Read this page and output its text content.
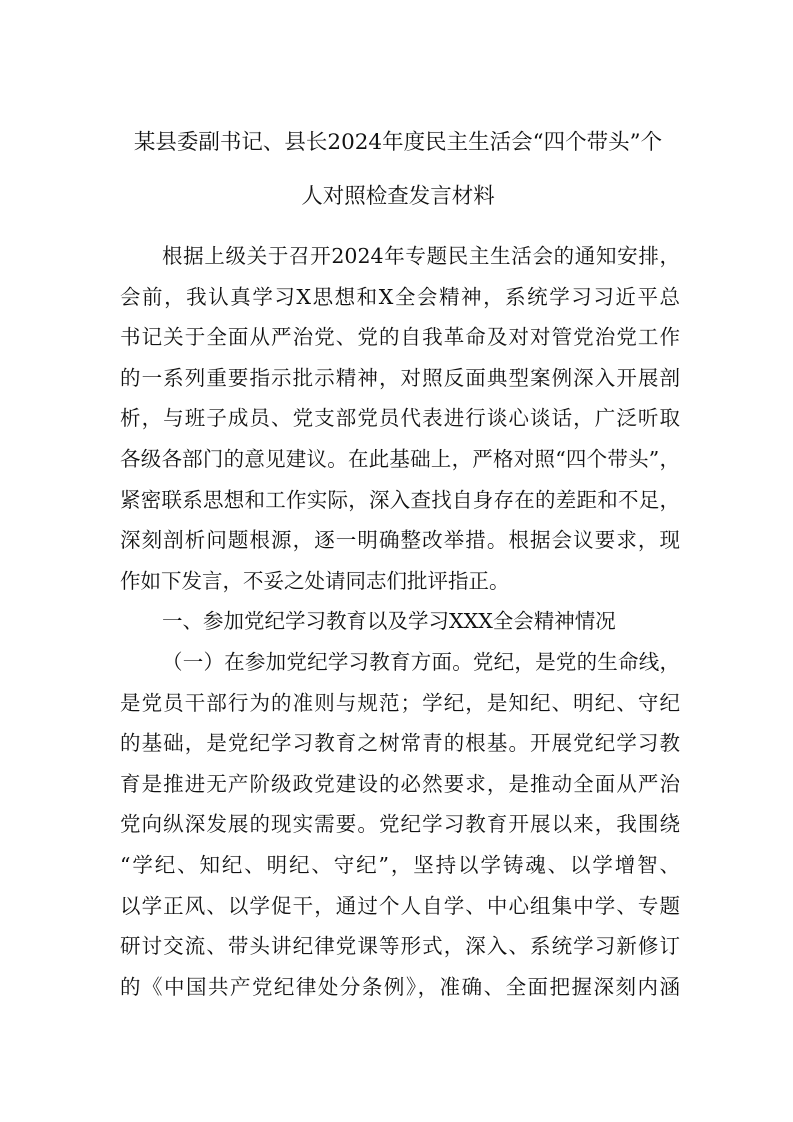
某县委副书记、县长2024年度民主生活会“四个带头”个
人对照检查发言材料
根据上级关于召开2024年专题民主生活会的通知安排，
会前，我认真学习X思想和X全会精神，系统学习习近平总
书记关于全面从严治党、党的自我革命及对对管党治党工作
的一系列重要指示批示精神，对照反面典型案例深入开展剖
析，与班子成员、党支部党员代表进行谈心谈话，广泛听取
各级各部门的意见建议。在此基础上，严格对照“四个带头”，
紧密联系思想和工作实际，深入查找自身存在的差距和不足，
深刻剖析问题根源，逐一明确整改举措。根据会议要求，现
作如下发言，不妥之处请同志们批评指正。
一、参加党纪学习教育以及学习XXX全会精神情况
（一）在参加党纪学习教育方面。党纪，是党的生命线，
是党员干部行为的准则与规范；学纪，是知纪、明纪、守纪
的基础，是党纪学习教育之树常青的根基。开展党纪学习教
育是推进无产阶级政党建设的必然要求，是推动全面从严治
党向纵深发展的现实需要。党纪学习教育开展以来，我围绕
“学纪、知纪、明纪、守纪”，坚持以学铸魂、以学增智、
以学正风、以学促干，通过个人自学、中心组集中学、专题
研讨交流、带头讲纪律党课等形式，深入、系统学习新修订
的《中国共产党纪律处分条例》，准确、全面把握深刻内涵
